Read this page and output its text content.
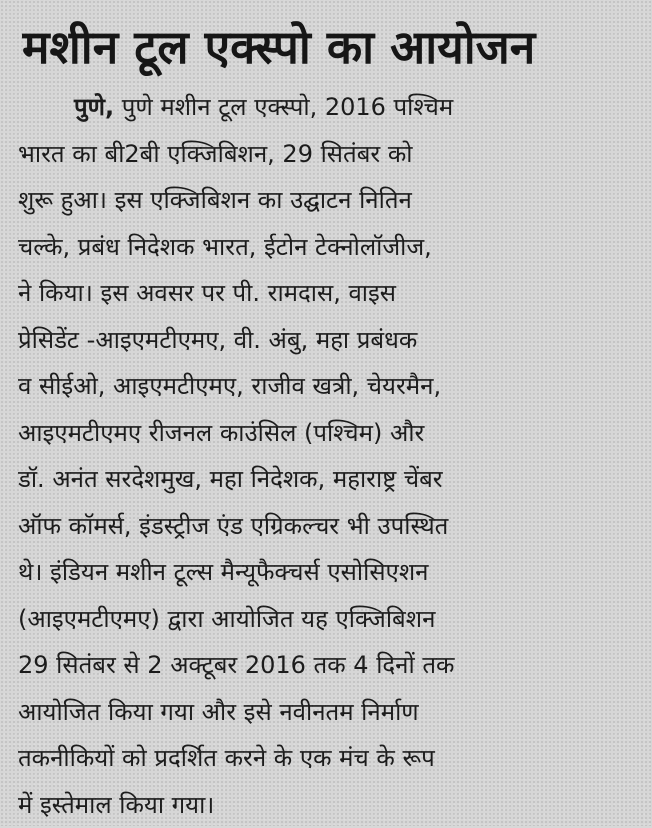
मशीन टूल एक्स्पो का आयोजन
पुणे, पुणे मशीन टूल एक्स्पो, 2016 पश्चिम
भारत का बी2बी एक्जिबिशन, 29 सितंबर को
शुरू हुआ। इस एक्जिबिशन का उद्घाटन नितिन
चल्के, प्रबंध निदेशक भारत, ईटोन टेक्नोलॉजीज,
ने किया। इस अवसर पर पी. रामदास, वाइस
प्रेसिडेंट -आइएमटीएमए, वी. अंबु, महा प्रबंधक
व सीईओ, आइएमटीएमए, राजीव खत्री, चेयरमैन,
आइएमटीएमए रीजनल काउंसिल (पश्चिम) और
डॉ. अनंत सरदेशमुख, महा निदेशक, महाराष्ट्र चेंबर
ऑफ कॉमर्स, इंडस्ट्रीज एंड एग्रिकल्चर भी उपस्थित
थे। इंडियन मशीन टूल्स मैन्यूफैक्चर्स एसोसिएशन
(आइएमटीएमए) द्वारा आयोजित यह एक्जिबिशन
29 सितंबर से 2 अक्टूबर 2016 तक 4 दिनों तक
आयोजित किया गया और इसे नवीनतम निर्माण
तकनीकियों को प्रदर्शित करने के एक मंच के रूप
में इस्तेमाल किया गया।
